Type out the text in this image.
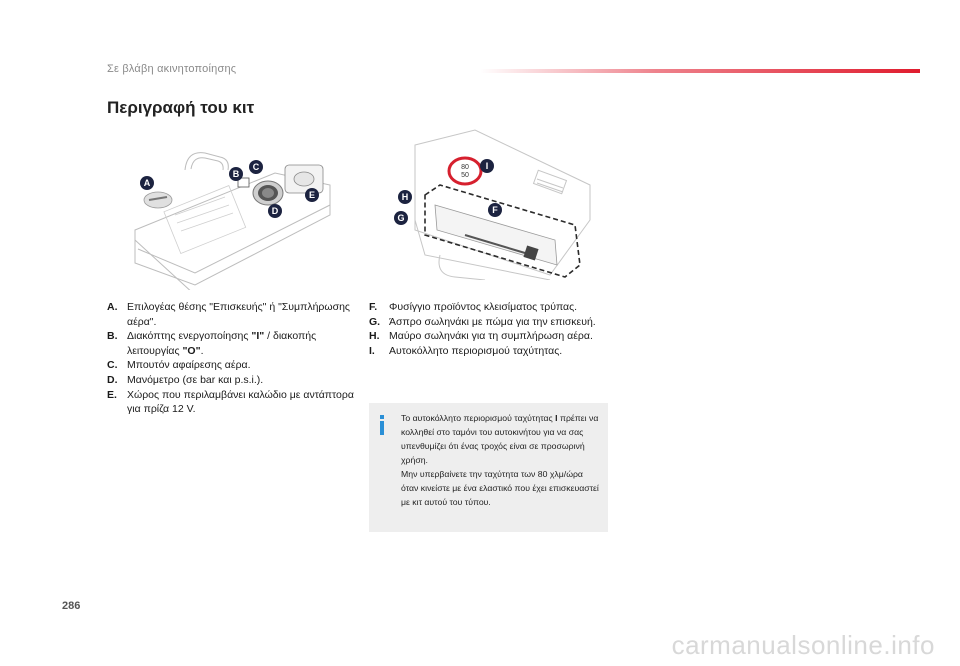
Σε βλάβη ακινητοποίησης
Περιγραφή του κιτ
A
B
C
D
E
80
50
I
H
F
G
A. Επιλογέας θέσης "Επισκευής" ή "Συμπλήρωσης αέρα".
B. Διακόπτης ενεργοποίησης "I" / διακοπής λειτουργίας "O".
C. Μπουτόν αφαίρεσης αέρα.
D. Μανόμετρο (σε bar και p.s.i.).
E. Χώρος που περιλαμβάνει καλώδιο με αντάπτορα για πρίζα 12 V.
F. Φυσίγγιο προϊόντος κλεισίματος τρύπας.
G. Άσπρο σωληνάκι με πώμα για την επισκευή.
H. Μαύρο σωληνάκι για τη συμπλήρωση αέρα.
I. Αυτοκόλλητο περιορισμού ταχύτητας.

Το αυτοκόλλητο περιορισμού ταχύτητας I πρέπει να κολληθεί στο ταμόνι του αυτοκινήτου για να σας υπενθυμίζει ότι ένας τροχός είναι σε προσωρινή χρήση.

Μην υπερβαίνετε την ταχύτητα των 80 χλμ/ώρα όταν κινείστε με ένα ελαστικό που έχει επισκευαστεί με κιτ αυτού του τύπου.

286
carmanualsonline.info
